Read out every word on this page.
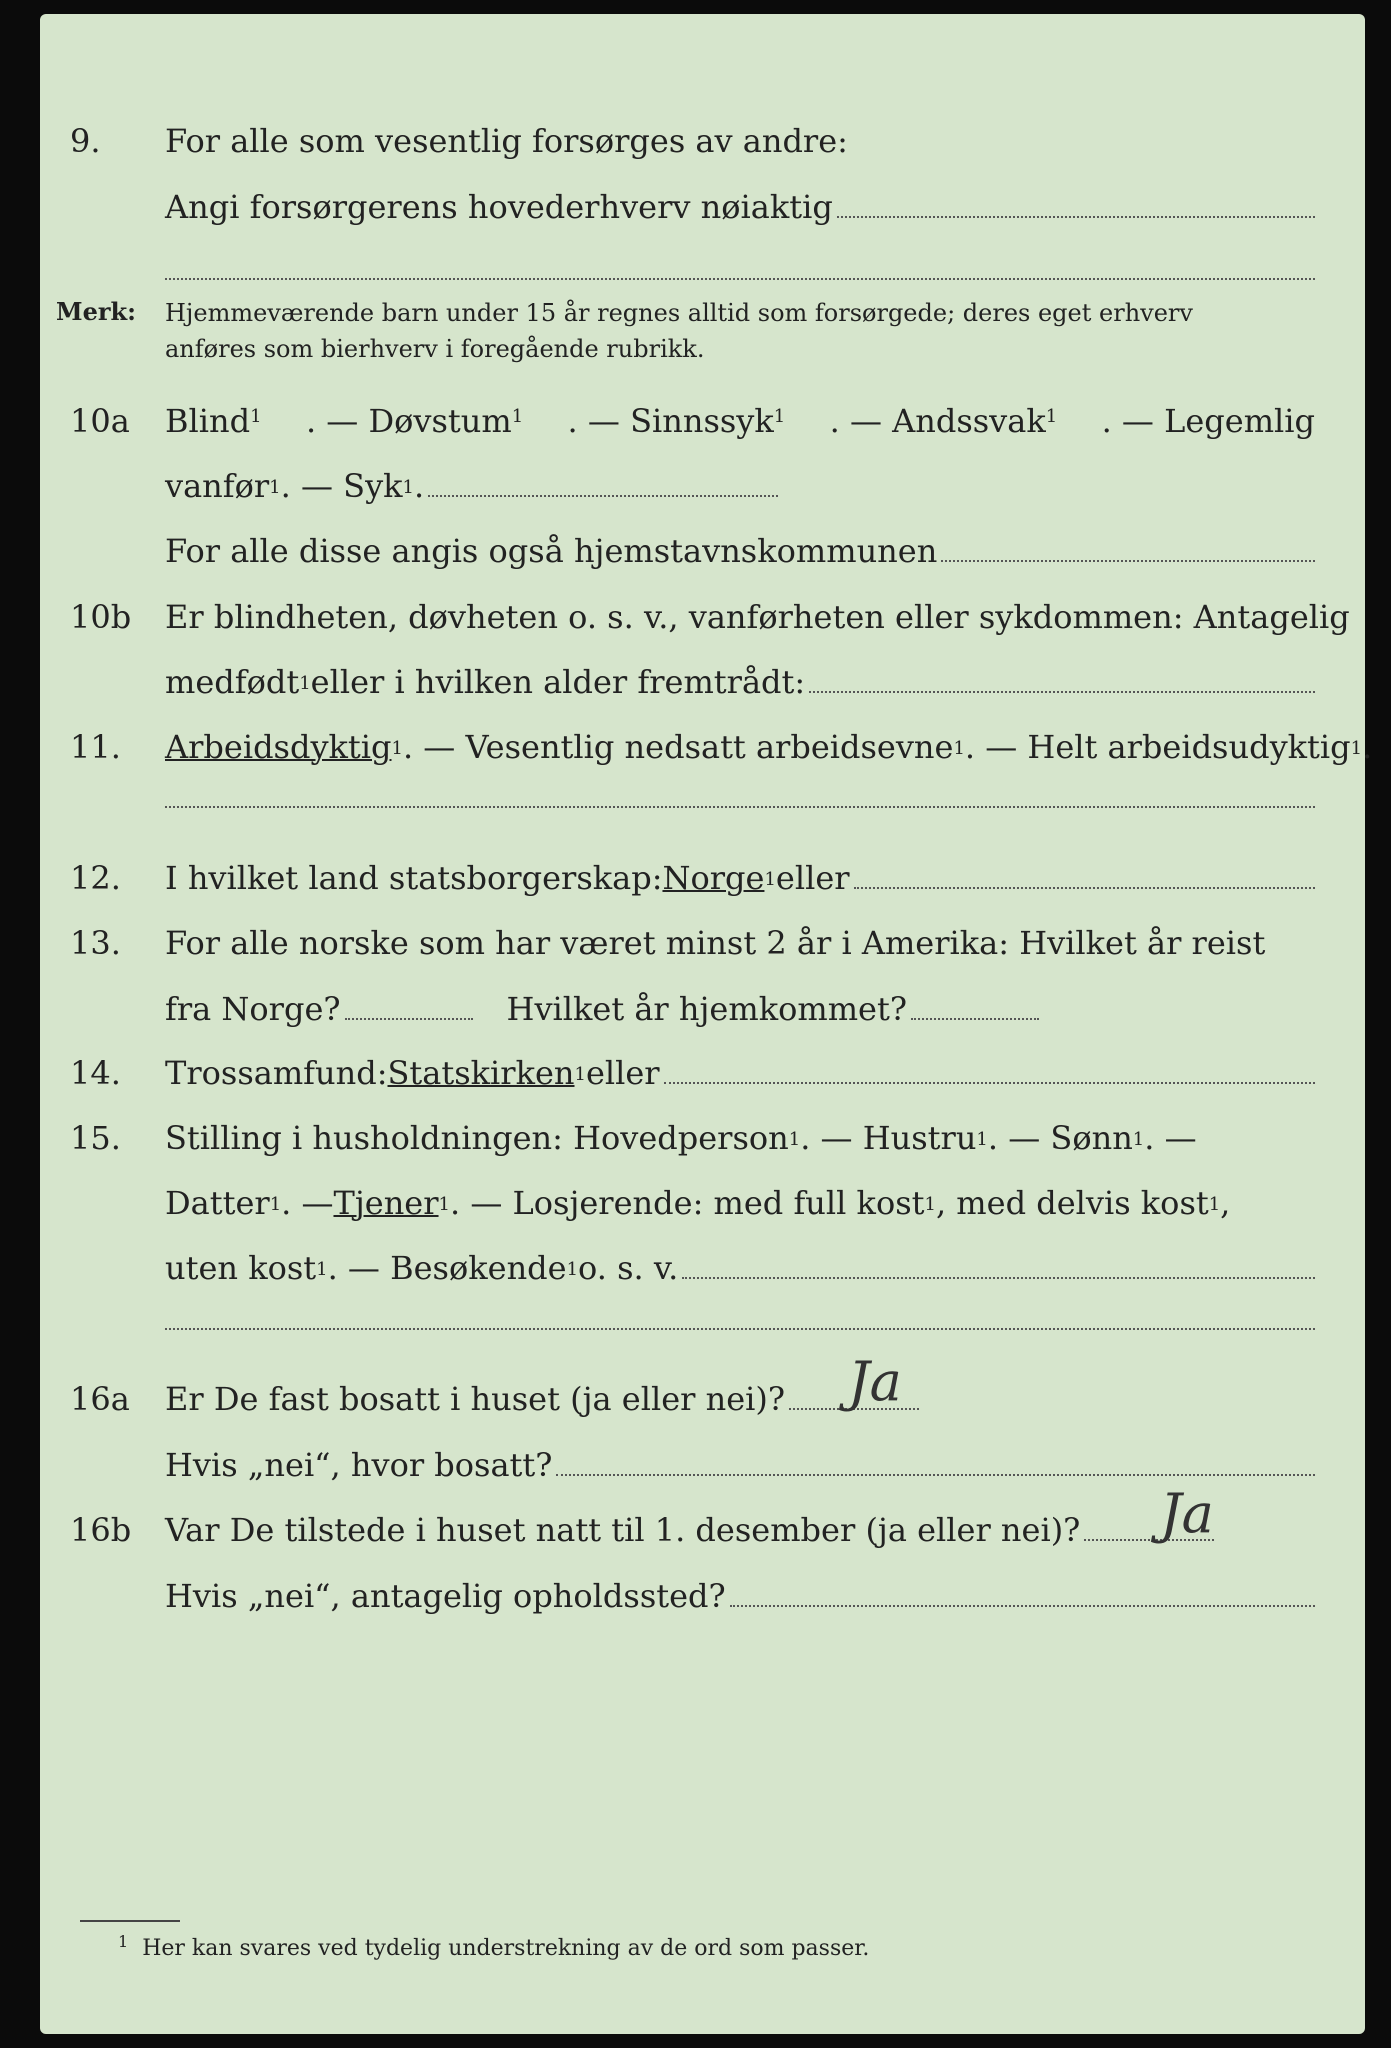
9. For alle som vesentlig forsørges av andre:
Angi forsørgerens hovederhverv nøiaktig
Merk: Hjemmeværende barn under 15 år regnes alltid som forsørgede; deres eget erhverv
anføres som bierhverv i foregående rubrikk.
10a Blind$^1$ . — Døvstum$^1$ . — Sinnssyk$^1$ . — Andssvak$^1$ . — Legemlig
vanfør 1 . — Syk 1 .
For alle disse angis også hjemstavnskommunen
10b Er blindheten, døvheten o. s. v., vanførheten eller sykdommen: Antagelig
medfødt 1 eller i hvilken alder fremtrådt:
11. Arbeidsdyktig 1 . — Vesentlig nedsatt arbeidsevne 1 . — Helt arbeidsudyktig 1 .
12. I hvilket land statsborgerskap: Norge 1 eller
13. For alle norske som har været minst 2 år i Amerika: Hvilket år reist
fra Norge?	Hvilket år hjemkommet?
14. Trossamfund: Statskirken 1 eller
15. Stilling i husholdningen: Hovedperson 1 . — Hustru 1 . — Sønn 1 . —
Datter 1 . — Tjener 1 . — Losjerende: med full kost 1 , med delvis kost 1 ,
uten kost 1 . — Besøkende 1 o. s. v.
16a Er De fast bosatt i huset (ja eller nei)? Ja
Hvis „nei“, hvor bosatt?
16b Var De tilstede i huset natt til 1. desember (ja eller nei)? Ja
Hvis „nei“, antagelig opholdssted?
$^1$ Her kan svares ved tydelig understrekning av de ord som passer.
